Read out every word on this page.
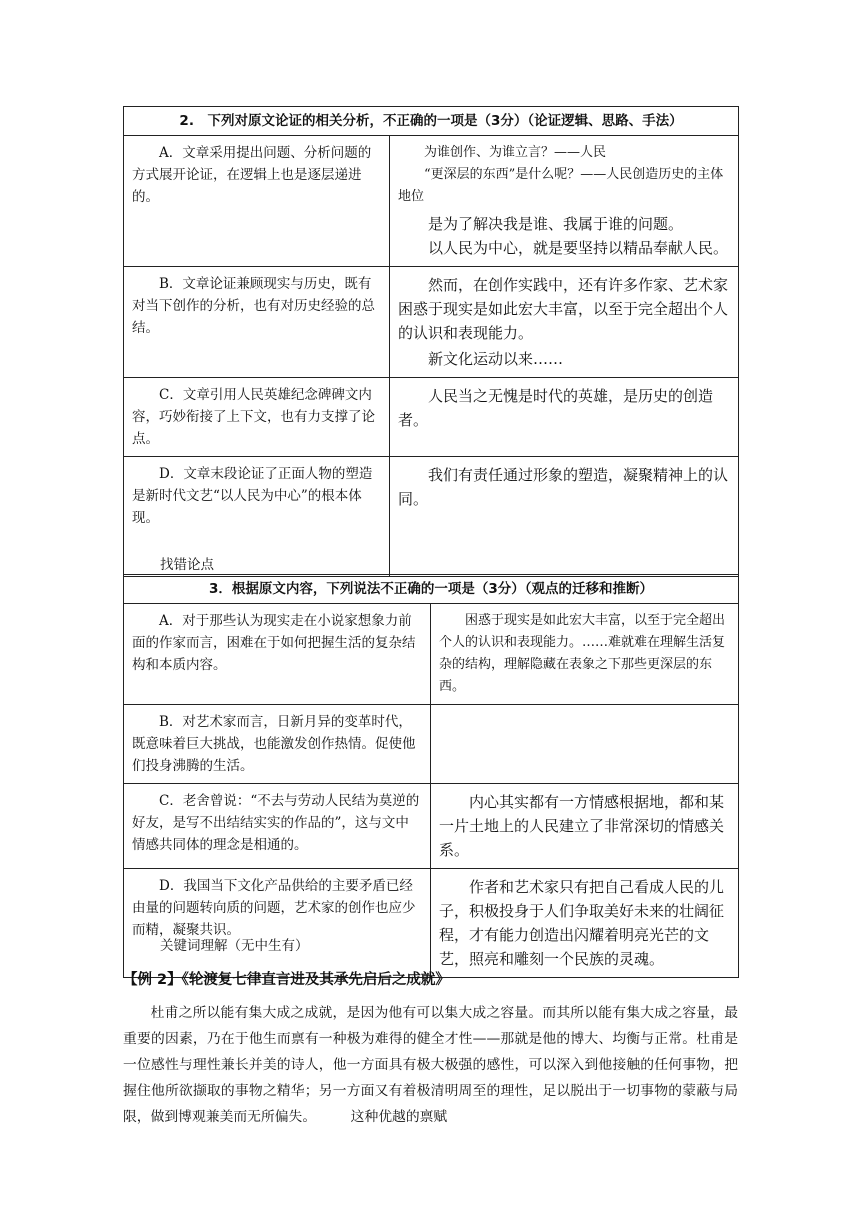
2.　下列对原文论证的相关分析，不正确的一项是（3分）（论证逻辑、思路、手法）	

A．文章采用提出问题、分析问题的方式展开论证，在逻辑上也是逐层递进的。	为谁创作、为谁立言？——人民

“更深层的东西”是什么呢？——人民创造历史的主体地位

是为了解决我是谁、我属于谁的问题。

以人民为中心，就是要坚持以精品奉献人民。

B．文章论证兼顾现实与历史，既有对当下创作的分析，也有对历史经验的总结。	然而，在创作实践中，还有许多作家、艺术家困惑于现实是如此宏大丰富，以至于完全超出个人的认识和表现能力。

新文化运动以来……

C．文章引用人民英雄纪念碑碑文内容，巧妙衔接了上下文，也有力支撑了论点。	人民当之无愧是时代的英雄，是历史的创造者。

D．文章末段论证了正面人物的塑造是新时代文艺“以人民为中心”的根本体现。	我们有责任通过形象的塑造，凝聚精神上的认同。

找错论点
3．根据原文内容，下列说法不正确的一项是（3分）（观点的迁移和推断）	

A．对于那些认为现实走在小说家想象力前面的作家而言，困难在于如何把握生活的复杂结构和本质内容。	困惑于现实是如此宏大丰富，以至于完全超出个人的认识和表现能力。……难就难在理解生活复杂的结构，理解隐藏在表象之下那些更深层的东西。

B．对艺术家而言，日新月异的变革时代，既意味着巨大挑战，也能激发创作热情。促使他们投身沸腾的生活。	

C．老舍曾说：“不去与劳动人民结为莫逆的好友，是写不出结结实实的作品的”，这与文中情感共同体的理念是相通的。	内心其实都有一方情感根据地，都和某一片土地上的人民建立了非常深切的情感关系。

D．我国当下文化产品供给的主要矛盾已经由量的问题转向质的问题，艺术家的创作也应少而精，凝聚共识。	作者和艺术家只有把自己看成人民的儿子，积极投身于人们争取美好未来的壮阔征程，才有能力创造出闪耀着明亮光芒的文艺，照亮和雕刻一个民族的灵魂。

关键词理解（无中生有）
【例 2】《轮渡复七律直言进及其承先启后之成就》

杜甫之所以能有集大成之成就，是因为他有可以集大成之容量。而其所以能有集大成之容量，最重要的因素，乃在于他生而禀有一种极为难得的健全才性——那就是他的博大、均衡与正常。杜甫是一位感性与理性兼长并美的诗人，他一方面具有极大极强的感性，可以深入到他接触的任何事物，把握住他所欲撷取的事物之精华；另一方面又有着极清明周至的理性，足以脱出于一切事物的蒙蔽与局限，做到博观兼美而无所偏失。　　　这种优越的禀赋
